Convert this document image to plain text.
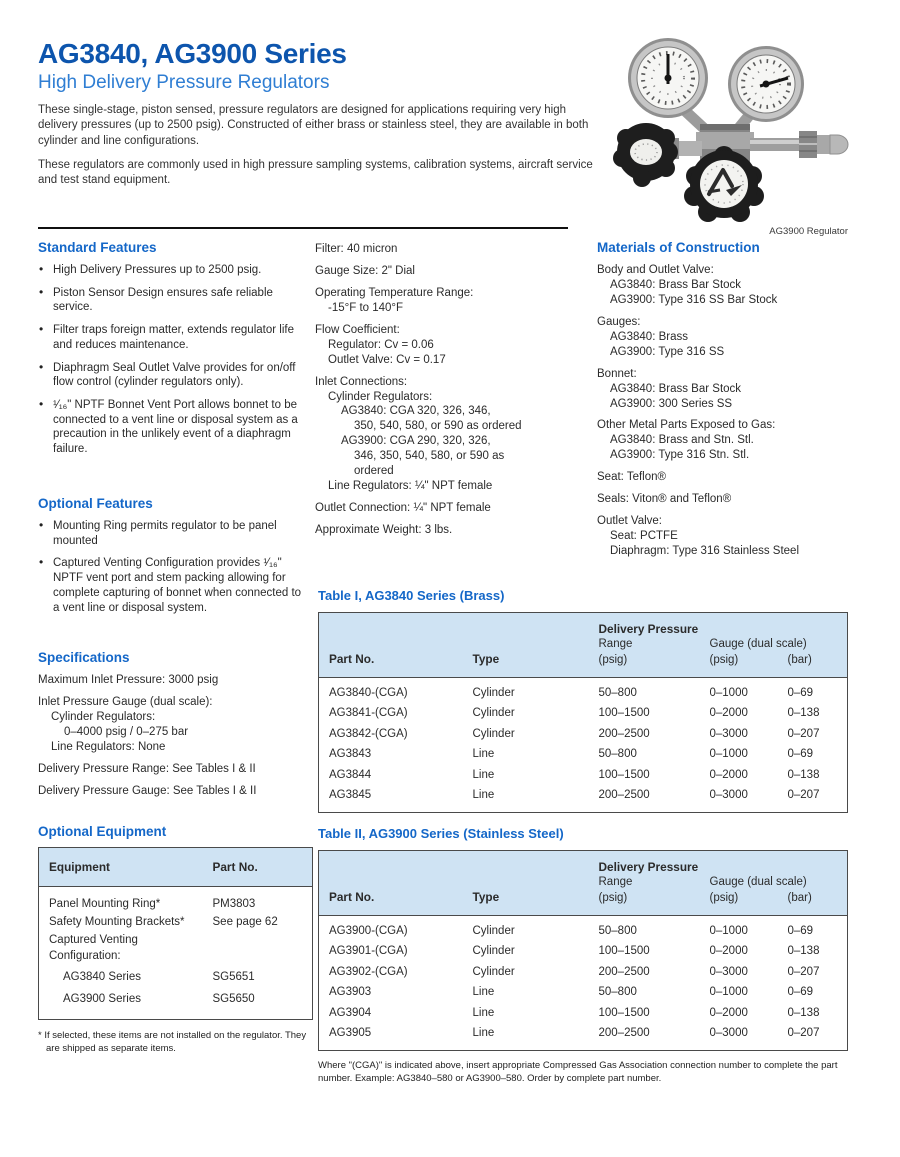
AG3840, AG3900 Series
High Delivery Pressure Regulators

These single-stage, piston sensed, pressure regulators are designed for applications requiring very high delivery pressures (up to 2500 psig). Constructed of either brass or stainless steel, they are available in both cylinder and line configurations.

These regulators are commonly used in high pressure sampling systems, calibration systems, aircraft service and test stand equipment.

AG3900 Regulator
Standard Features
• High Delivery Pressures up to 2500 psig.
• Piston Sensor Design ensures safe reliable service.
• Filter traps foreign matter, extends regulator life and reduces maintenance.
• Diaphragm Seal Outlet Valve provides for on/off flow control (cylinder regulators only).
• ¹⁄₁₆" NPTF Bonnet Vent Port allows bonnet to be connected to a vent line or disposal system as a precaution in the unlikely event of a diaphragm failure.
Optional Features
• Mounting Ring permits regulator to be panel mounted
• Captured Venting Configuration provides ¹⁄₁₆" NPTF vent port and stem packing allowing for complete capturing of bonnet when connected to a vent line or disposal system.
Specifications
Maximum Inlet Pressure: 3000 psig
Inlet Pressure Gauge (dual scale):
Cylinder Regulators:
0–4000 psig / 0–275 bar
Line Regulators: None
Delivery Pressure Range: See Tables I & II
Delivery Pressure Gauge: See Tables I & II
Optional Equipment
Equipment	Part No.
Panel Mounting Ring*	PM3803
Safety Mounting Brackets*	See page 62
Captured Venting Configuration:	
AG3840 Series	SG5651
AG3900 Series	SG5650
* If selected, these items are not installed on the regulator. They are shipped as separate items.
Filter: 40 micron
Gauge Size: 2" Dial
Operating Temperature Range:
-15°F to 140°F
Flow Coefficient:
Regulator: Cv = 0.06
Outlet Valve: Cv = 0.17
Inlet Connections:
Cylinder Regulators:
AG3840: CGA 320, 326, 346,
350, 540, 580, or 590 as ordered
AG3900: CGA 290, 320, 326,
346, 350, 540, 580, or 590 as
ordered
Line Regulators: ¼" NPT female
Outlet Connection: ¼" NPT female
Approximate Weight: 3 lbs.
Materials of Construction
Body and Outlet Valve:
AG3840: Brass Bar Stock
AG3900: Type 316 SS Bar Stock
Gauges:
AG3840: Brass
AG3900: Type 316 SS
Bonnet:
AG3840: Brass Bar Stock
AG3900: 300 Series SS
Other Metal Parts Exposed to Gas:
AG3840: Brass and Stn. Stl.
AG3900: Type 316 Stn. Stl.
Seat: Teflon®
Seals: Viton® and Teflon®
Outlet Valve:
Seat: PCTFE
Diaphragm: Type 316 Stainless Steel
Table I, AG3840 Series (Brass)
		Delivery Pressure		
		Range	Gauge (dual scale)	
Part No.	Type	(psig)	(psig)	(bar)
AG3840-(CGA)	Cylinder	50–800	0–1000	0–69
AG3841-(CGA)	Cylinder	100–1500	0–2000	0–138
AG3842-(CGA)	Cylinder	200–2500	0–3000	0–207
AG3843	Line	50–800	0–1000	0–69
AG3844	Line	100–1500	0–2000	0–138
AG3845	Line	200–2500	0–3000	0–207
Table II, AG3900 Series (Stainless Steel)
		Delivery Pressure		
		Range	Gauge (dual scale)	
Part No.	Type	(psig)	(psig)	(bar)
AG3900-(CGA)	Cylinder	50–800	0–1000	0–69
AG3901-(CGA)	Cylinder	100–1500	0–2000	0–138
AG3902-(CGA)	Cylinder	200–2500	0–3000	0–207
AG3903	Line	50–800	0–1000	0–69
AG3904	Line	100–1500	0–2000	0–138
AG3905	Line	200–2500	0–3000	0–207
Where "(CGA)" is indicated above, insert appropriate Compressed Gas Association connection number to complete the part number. Example: AG3840–580 or AG3900–580. Order by complete part number.
